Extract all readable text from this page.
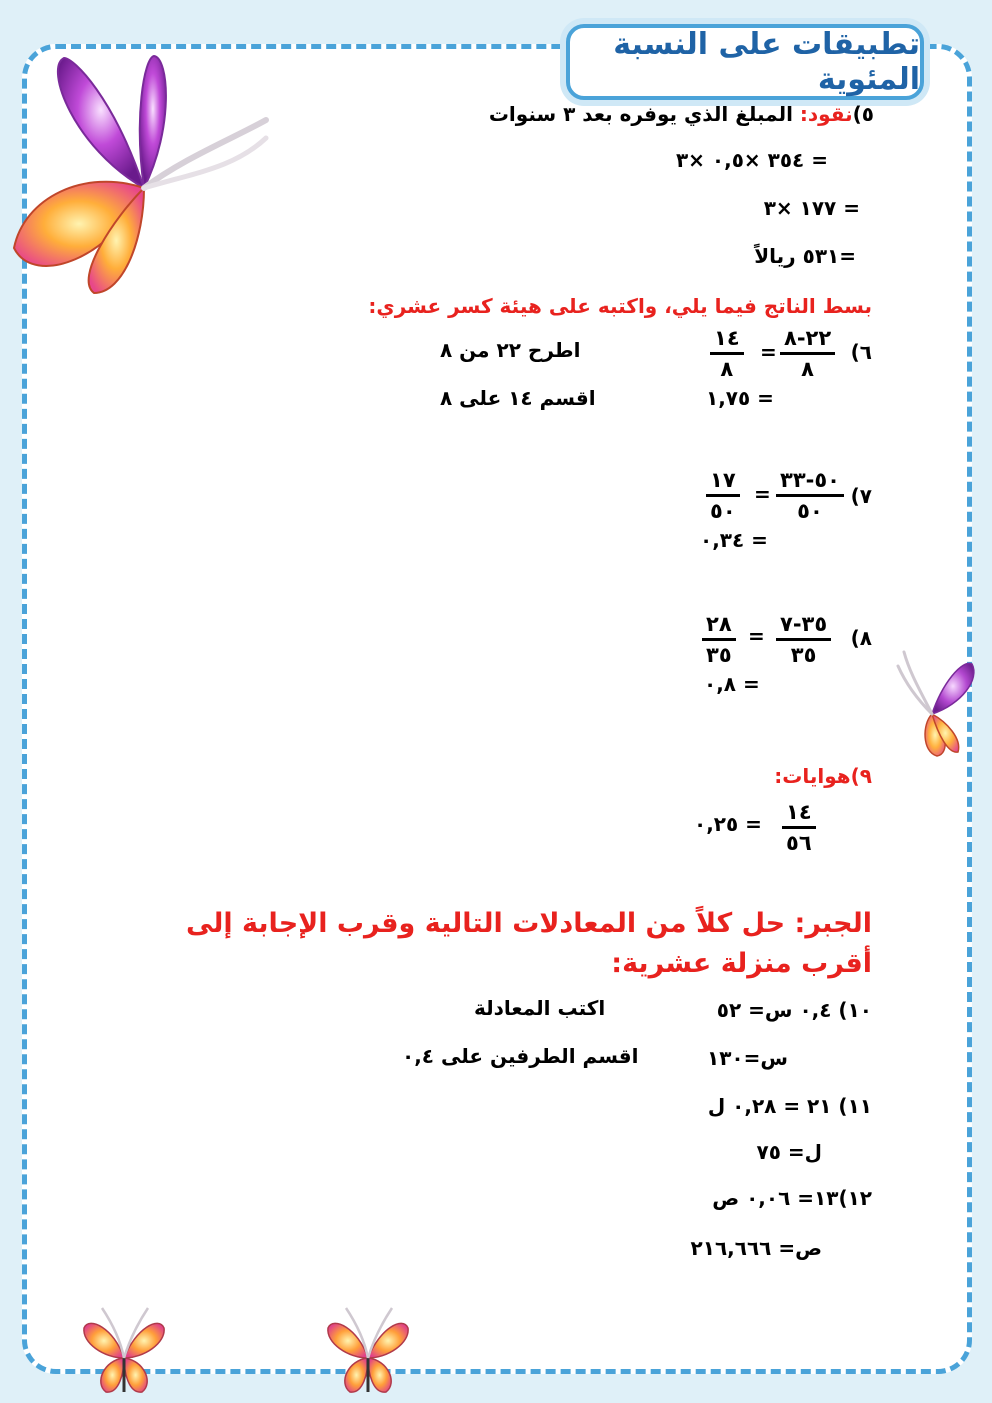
تطبيقات على النسبة المئوية
٥)نقود: المبلغ الذي يوفره بعد ٣ سنوات
= ٣٥٤ ×٠,٥ ×٣
= ١٧٧ ×٣
=٥٣١ ريالاً
بسط الناتج فيما يلي، واكتبه على هيئة كسر عشري:
٦)
٢٢-٨
٨
=
١٤
٨
= ١,٧٥
اطرح ٢٢ من ٨
اقسم ١٤ على ٨
٧)
٥٠-٣٣
٥٠
=
١٧
٥٠
= ٠,٣٤
٨)
٣٥-٧
٣٥
=
٢٨
٣٥
= ٠,٨
٩)هوايات:
١٤
٥٦
= ٠,٢٥
الجبر: حل كلاً من المعادلات التالية وقرب الإجابة إلى أقرب منزلة عشرية:
١٠) ٠,٤ س= ٥٢
اكتب المعادلة
س=١٣٠
اقسم الطرفين على ٠,٤
١١) ٢١ = ٠,٢٨ ل
ل= ٧٥
١٢)١٣= ٠,٠٦ ص
ص= ٢١٦,٦٦٦
